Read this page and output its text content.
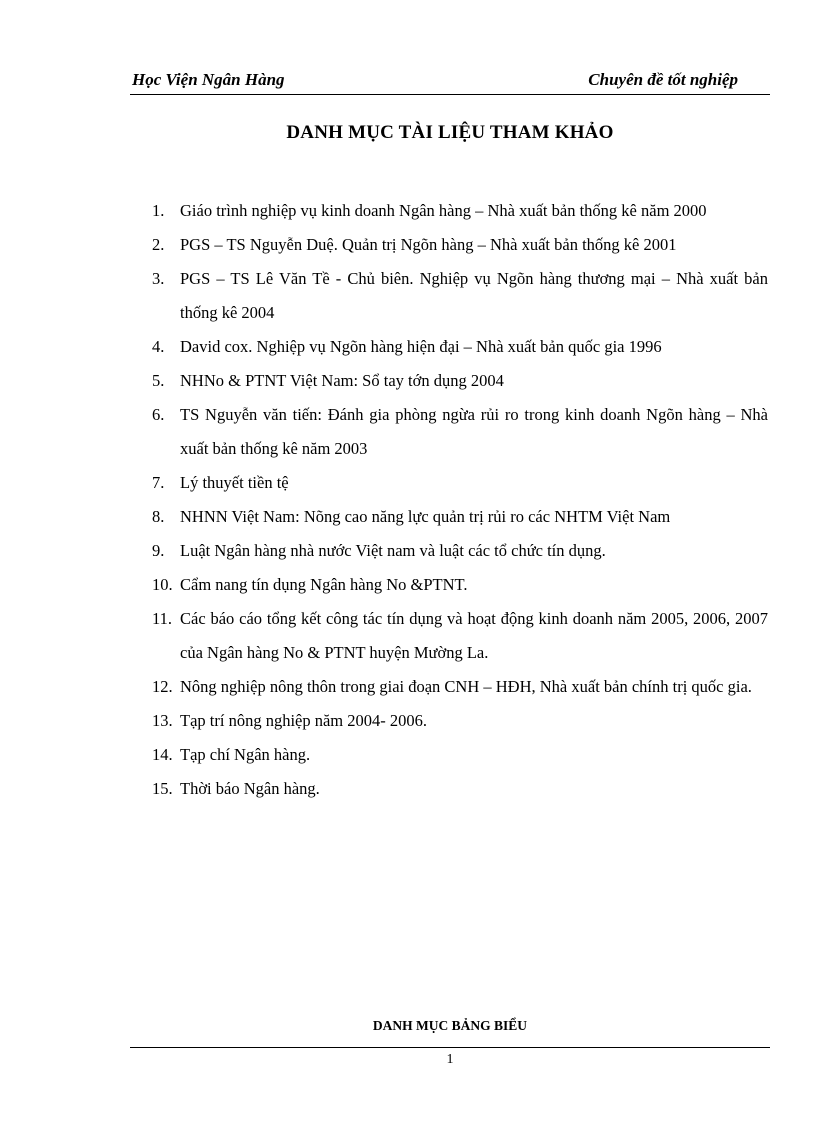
Học Viện Ngân Hàng	Chuyên đề tốt nghiệp
DANH MỤC TÀI LIỆU THAM KHẢO
1. Giáo trình nghiệp vụ kinh doanh Ngân hàng – Nhà xuất bản thống kê năm 2000
2. PGS – TS Nguyễn Duệ. Quản trị Ngõn hàng – Nhà xuất bản thống kê 2001
3. PGS – TS Lê Văn Tề - Chủ biên. Nghiệp vụ Ngõn hàng thương mại – Nhà xuất bản thống kê 2004
4. David cox. Nghiệp vụ Ngõn hàng hiện đại – Nhà xuất bản quốc gia 1996
5. NHNo & PTNT Việt Nam: Sổ tay tớn dụng 2004
6. TS Nguyễn văn tiến: Đánh gia phòng ngừa rủi ro trong kinh doanh Ngõn hàng – Nhà xuất bản thống kê năm 2003
7. Lý thuyết tiền tệ
8. NHNN Việt Nam: Nõng cao năng lực quản trị rủi ro các NHTM Việt Nam
9. Luật Ngân hàng nhà nước Việt nam và luật các tổ chức tín dụng.
10. Cẩm nang tín dụng Ngân hàng No &PTNT.
11. Các báo cáo tổng kết công tác tín dụng và hoạt động kinh doanh năm 2005, 2006, 2007 của Ngân hàng No & PTNT huyện Mường La.
12. Nông nghiệp nông thôn trong giai đoạn CNH – HĐH, Nhà xuất bản chính trị quốc gia.
13. Tạp trí nông nghiệp năm 2004- 2006.
14. Tạp chí Ngân hàng.
15. Thời báo Ngân hàng.
DANH MỤC BẢNG BIỂU
1
